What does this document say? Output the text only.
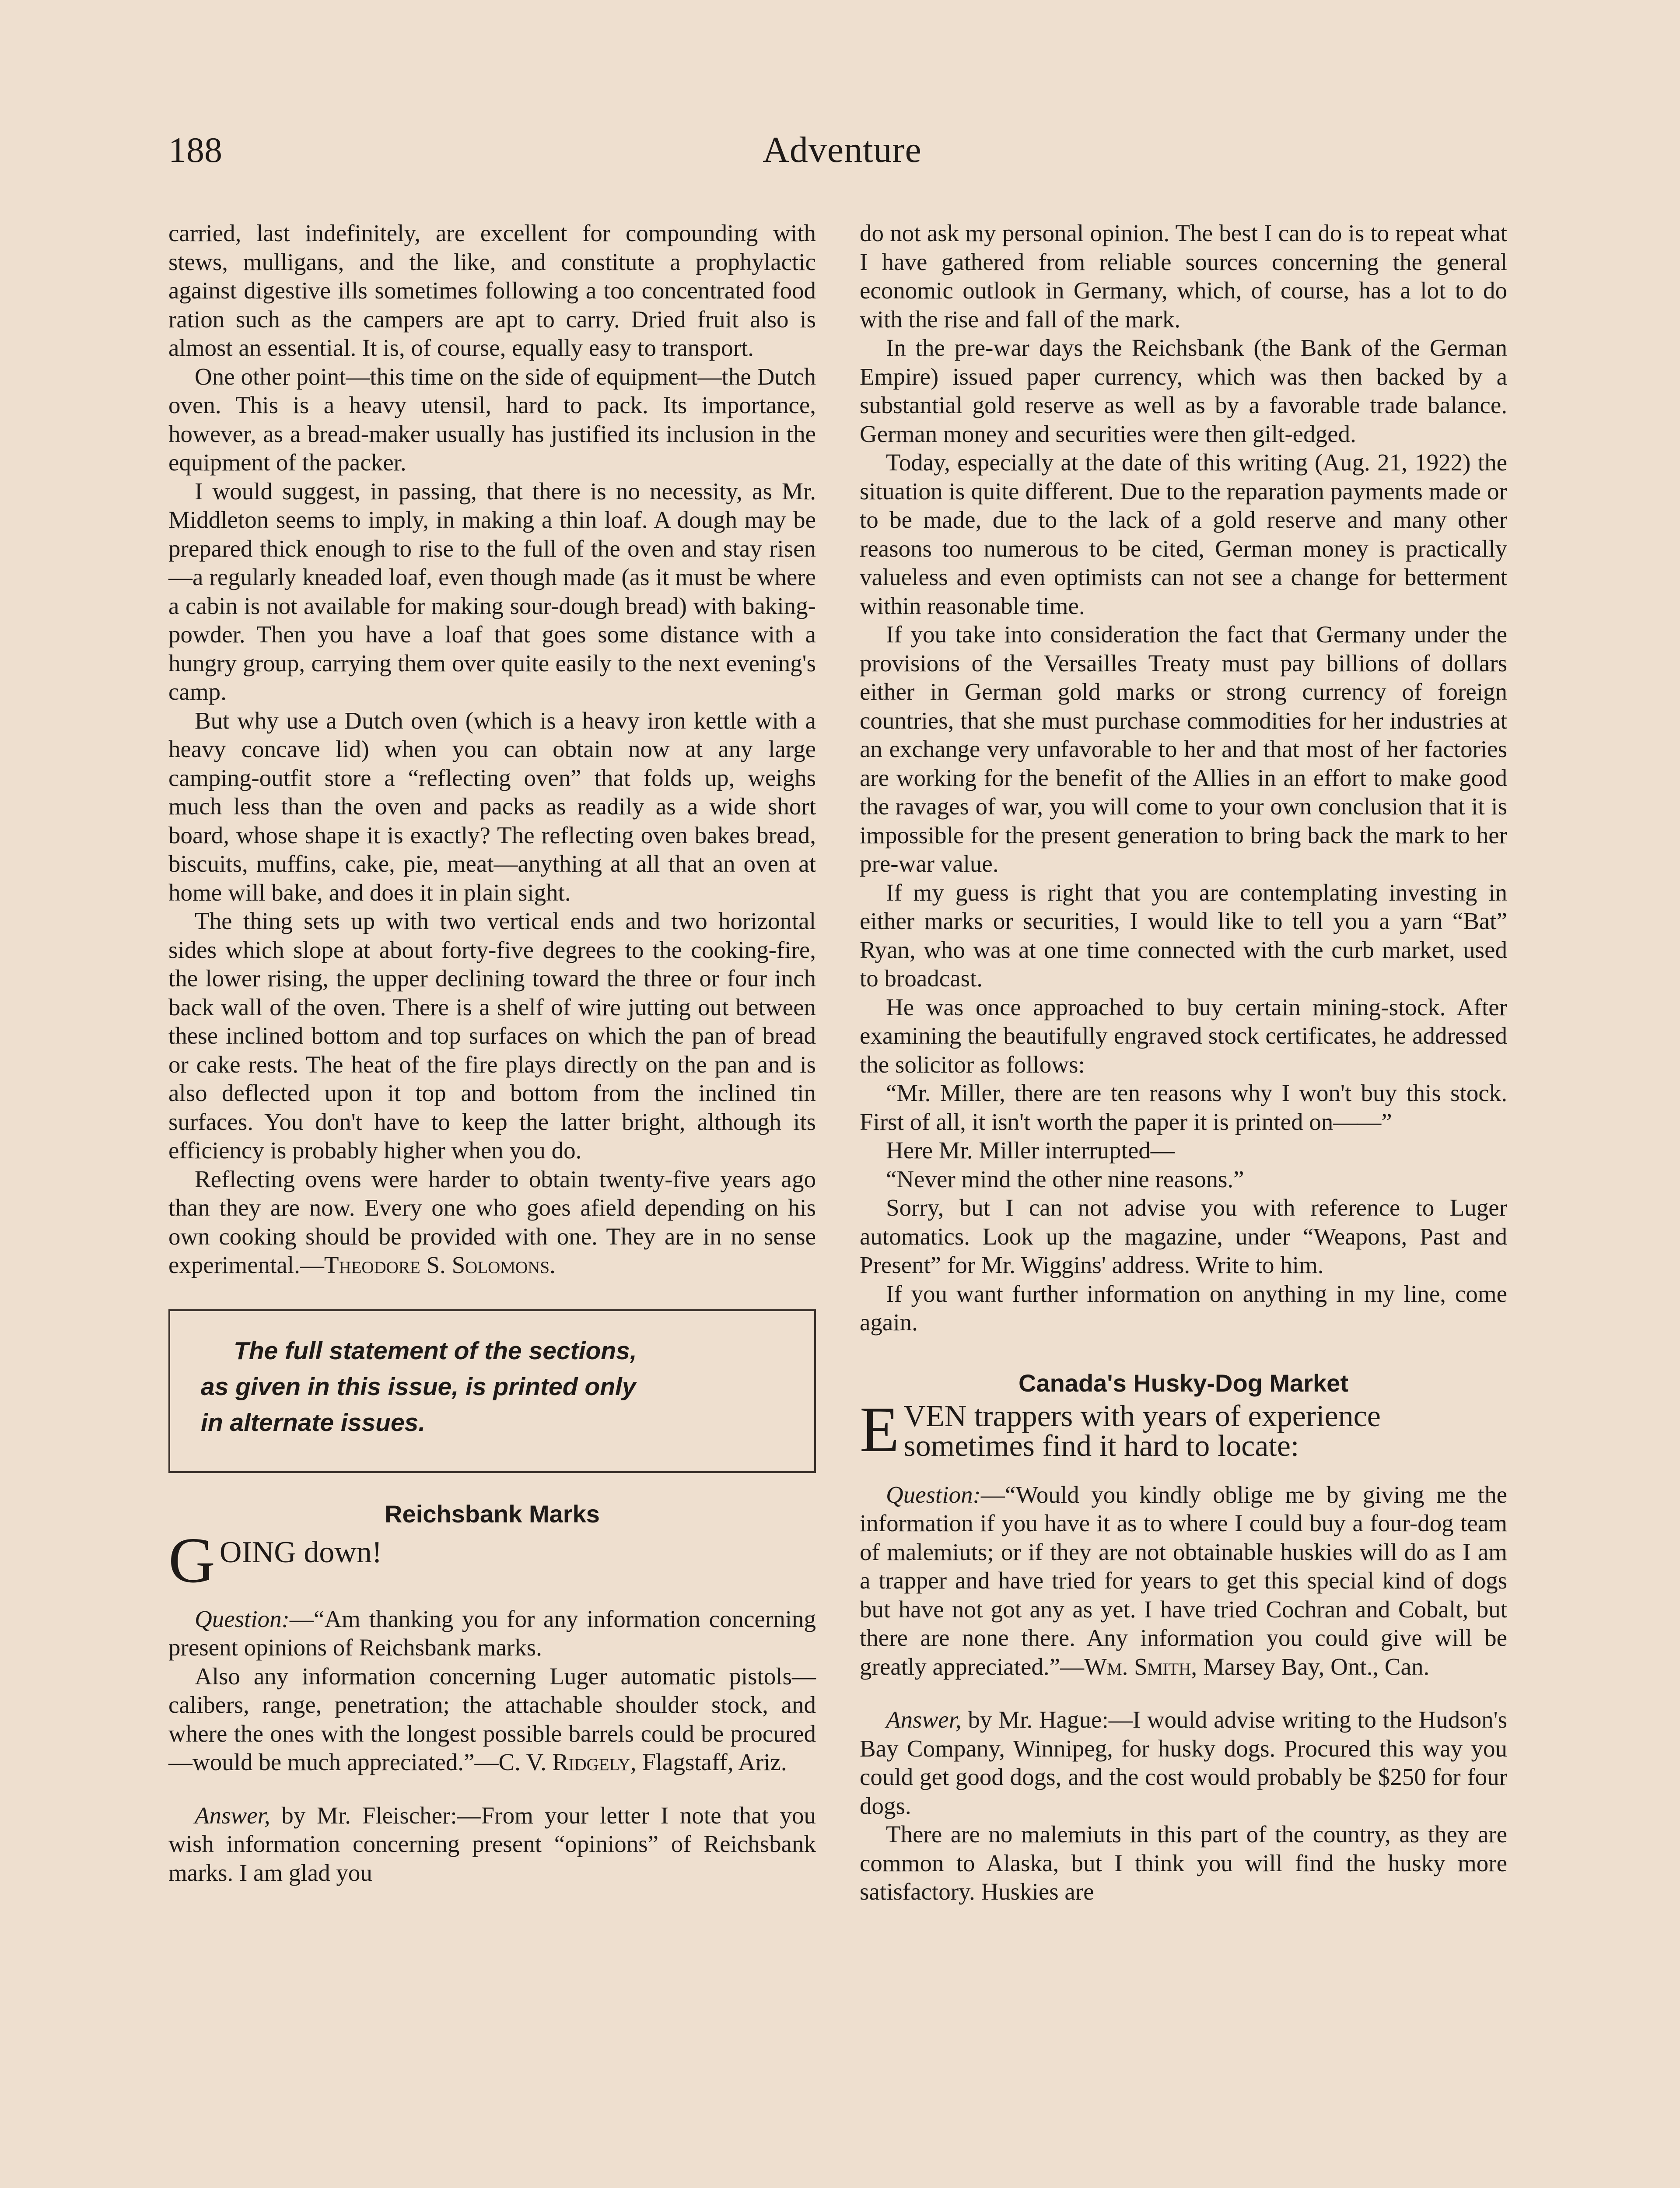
188	Adventure

carried, last indefinitely, are excellent for compounding with stews, mulligans, and the like, and constitute a prophylactic against digestive ills sometimes following a too concentrated food ration such as the campers are apt to carry. Dried fruit also is almost an essential. It is, of course, equally easy to transport.

One other point—this time on the side of equipment—the Dutch oven. This is a heavy utensil, hard to pack. Its importance, however, as a bread-maker usually has justified its inclusion in the equipment of the packer.

I would suggest, in passing, that there is no necessity, as Mr. Middleton seems to imply, in making a thin loaf. A dough may be prepared thick enough to rise to the full of the oven and stay risen—a regularly kneaded loaf, even though made (as it must be where a cabin is not available for making sour-dough bread) with baking-powder. Then you have a loaf that goes some distance with a hungry group, carrying them over quite easily to the next evening's camp.

But why use a Dutch oven (which is a heavy iron kettle with a heavy concave lid) when you can obtain now at any large camping-outfit store a “reflecting oven” that folds up, weighs much less than the oven and packs as readily as a wide short board, whose shape it is exactly? The reflecting oven bakes bread, biscuits, muffins, cake, pie, meat—anything at all that an oven at home will bake, and does it in plain sight.

The thing sets up with two vertical ends and two horizontal sides which slope at about forty-five degrees to the cooking-fire, the lower rising, the upper declining toward the three or four inch back wall of the oven. There is a shelf of wire jutting out between these inclined bottom and top surfaces on which the pan of bread or cake rests. The heat of the fire plays directly on the pan and is also deflected upon it top and bottom from the inclined tin surfaces. You don't have to keep the latter bright, although its efficiency is probably higher when you do.

Reflecting ovens were harder to obtain twenty-five years ago than they are now. Every one who goes afield depending on his own cooking should be provided with one. They are in no sense experimental.—Theodore S. Solomons.

The full statement of the sections,

as given in this issue, is printed only

in alternate issues.

Reichsbank Marks
G OING down!

Question:—“Am thanking you for any information concerning present opinions of Reichsbank marks.

Also any information concerning Luger automatic pistols—calibers, range, penetration; the attachable shoulder stock, and where the ones with the longest possible barrels could be procured—would be much appreciated.”—C. V. Ridgely, Flagstaff, Ariz.

Answer, by Mr. Fleischer:—From your letter I note that you wish information concerning present “opinions” of Reichsbank marks. I am glad you

do not ask my personal opinion. The best I can do is to repeat what I have gathered from reliable sources concerning the general economic outlook in Germany, which, of course, has a lot to do with the rise and fall of the mark.

In the pre-war days the Reichsbank (the Bank of the German Empire) issued paper currency, which was then backed by a substantial gold reserve as well as by a favorable trade balance. German money and securities were then gilt-edged.

Today, especially at the date of this writing (Aug. 21, 1922) the situation is quite different. Due to the reparation payments made or to be made, due to the lack of a gold reserve and many other reasons too numerous to be cited, German money is practically valueless and even optimists can not see a change for betterment within reasonable time.

If you take into consideration the fact that Germany under the provisions of the Versailles Treaty must pay billions of dollars either in German gold marks or strong currency of foreign countries, that she must purchase commodities for her industries at an exchange very unfavorable to her and that most of her factories are working for the benefit of the Allies in an effort to make good the ravages of war, you will come to your own conclusion that it is impossible for the present generation to bring back the mark to her pre-war value.

If my guess is right that you are contemplating investing in either marks or securities, I would like to tell you a yarn “Bat” Ryan, who was at one time connected with the curb market, used to broadcast.

He was once approached to buy certain mining-stock. After examining the beautifully engraved stock certificates, he addressed the solicitor as follows:

“Mr. Miller, there are ten reasons why I won't buy this stock. First of all, it isn't worth the paper it is printed on——”

Here Mr. Miller interrupted—

“Never mind the other nine reasons.”

Sorry, but I can not advise you with reference to Luger automatics. Look up the magazine, under “Weapons, Past and Present” for Mr. Wiggins' address. Write to him.

If you want further information on anything in my line, come again.

Canada's Husky-Dog Market
E VEN trappers with years of experience
sometimes find it hard to locate:

Question:—“Would you kindly oblige me by giving me the information if you have it as to where I could buy a four-dog team of malemiuts; or if they are not obtainable huskies will do as I am a trapper and have tried for years to get this special kind of dogs but have not got any as yet. I have tried Cochran and Cobalt, but there are none there. Any information you could give will be greatly appreciated.”—Wm. Smith, Marsey Bay, Ont., Can.

Answer, by Mr. Hague:—I would advise writing to the Hudson's Bay Company, Winnipeg, for husky dogs. Procured this way you could get good dogs, and the cost would probably be $250 for four dogs.

There are no malemiuts in this part of the country, as they are common to Alaska, but I think you will find the husky more satisfactory. Huskies are
